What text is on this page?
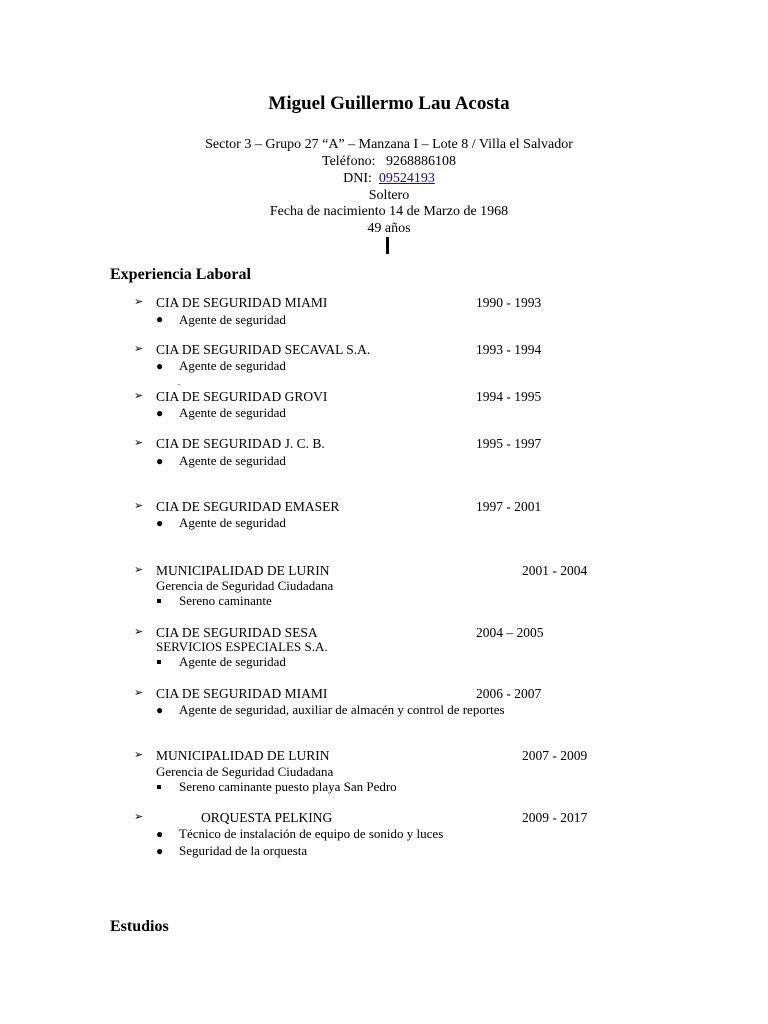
Miguel Guillermo Lau Acosta
Sector 3 – Grupo 27 “A” – Manzana I – Lote 8 / Villa el Salvador
Teléfono: 9268886108
DNI: 09524193
Soltero
Fecha de nacimiento 14 de Marzo de 1968
49 años
Experiencia Laboral
➢ CIA DE SEGURIDAD MIAMI	1990 - 1993
● Agente de seguridad
➢ CIA DE SEGURIDAD SECAVAL S.A.	1993 - 1994
● Agente de seguridad
.
➢ CIA DE SEGURIDAD GROVI	1994 - 1995
● Agente de seguridad
➢ CIA DE SEGURIDAD J. C. B.	1995 - 1997
● Agente de seguridad
➢ CIA DE SEGURIDAD EMASER	1997 - 2001
● Agente de seguridad
➢ MUNICIPALIDAD DE LURIN	2001 - 2004
Gerencia de Seguridad Ciudadana
Sereno caminante
➢ CIA DE SEGURIDAD SESA	2004 – 2005
SERVICIOS ESPECIALES S.A.
Agente de seguridad
➢ CIA DE SEGURIDAD MIAMI	2006 - 2007
● Agente de seguridad, auxiliar de almacén y control de reportes
➢ MUNICIPALIDAD DE LURIN	2007 - 2009
Gerencia de Seguridad Ciudadana
Sereno caminante puesto playa San Pedro
➢	ORQUESTA PELKING	2009 - 2017
● Técnico de instalación de equipo de sonido y luces
● Seguridad de la orquesta
Estudios
